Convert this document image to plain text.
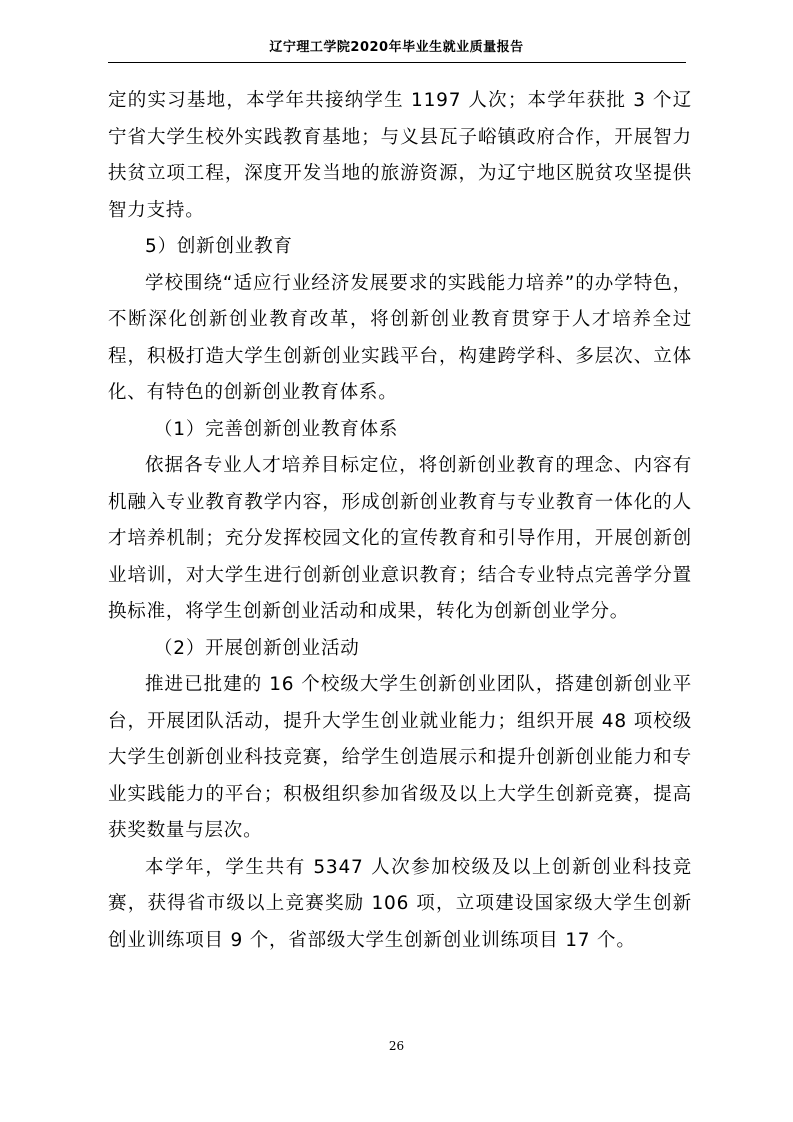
辽宁理工学院2020年毕业生就业质量报告

定的实习基地，本学年共接纳学生 1197 人次；本学年获批 3 个辽宁省大学生校外实践教育基地；与义县瓦子峪镇政府合作，开展智力扶贫立项工程，深度开发当地的旅游资源，为辽宁地区脱贫攻坚提供智力支持。

5）创新创业教育

学校围绕“适应行业经济发展要求的实践能力培养”的办学特色，不断深化创新创业教育改革，将创新创业教育贯穿于人才培养全过程，积极打造大学生创新创业实践平台，构建跨学科、多层次、立体化、有特色的创新创业教育体系。

（1）完善创新创业教育体系

依据各专业人才培养目标定位，将创新创业教育的理念、内容有机融入专业教育教学内容，形成创新创业教育与专业教育一体化的人才培养机制；充分发挥校园文化的宣传教育和引导作用，开展创新创业培训，对大学生进行创新创业意识教育；结合专业特点完善学分置换标准，将学生创新创业活动和成果，转化为创新创业学分。

（2）开展创新创业活动

推进已批建的 16 个校级大学生创新创业团队，搭建创新创业平台，开展团队活动，提升大学生创业就业能力；组织开展 48 项校级大学生创新创业科技竞赛，给学生创造展示和提升创新创业能力和专业实践能力的平台；积极组织参加省级及以上大学生创新竞赛，提高获奖数量与层次。

本学年，学生共有 5347 人次参加校级及以上创新创业科技竞赛，获得省市级以上竞赛奖励 106 项，立项建设国家级大学生创新创业训练项目 9 个，省部级大学生创新创业训练项目 17 个。

26
